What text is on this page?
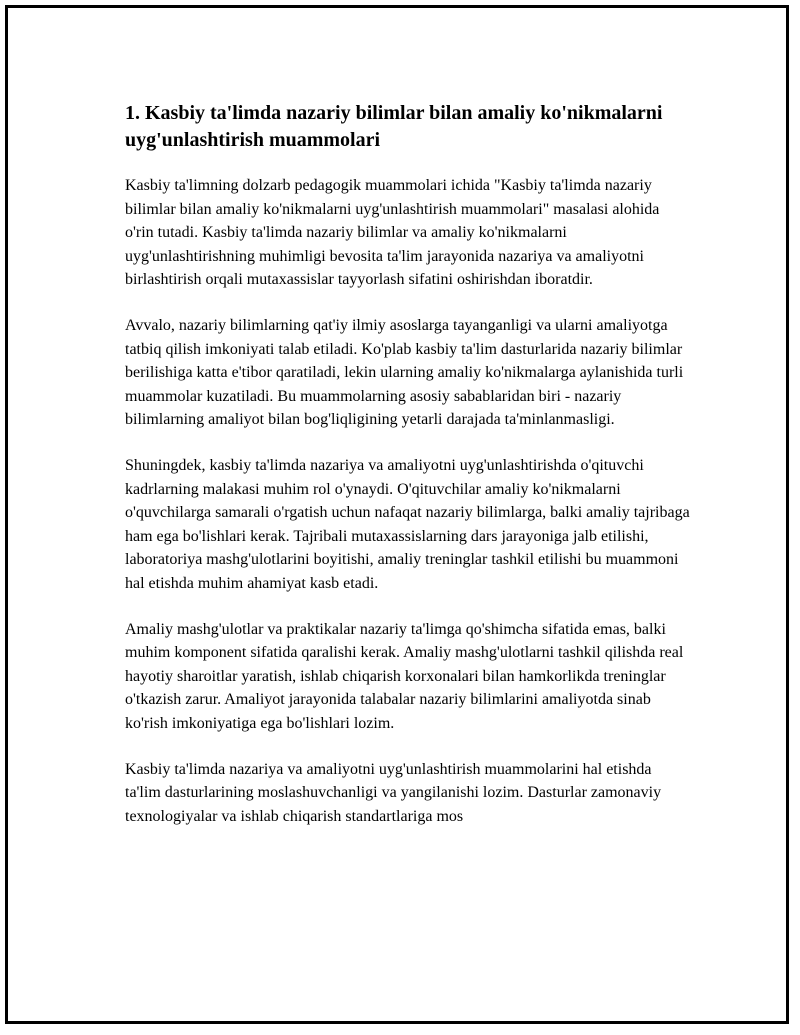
1. Kasbiy ta'limda nazariy bilimlar bilan amaliy ko'nikmalarni uyg'unlashtirish muammolari

Kasbiy ta'limning dolzarb pedagogik muammolari ichida "Kasbiy ta'limda nazariy bilimlar bilan amaliy ko'nikmalarni uyg'unlashtirish muammolari" masalasi alohida o'rin tutadi. Kasbiy ta'limda nazariy bilimlar va amaliy ko'nikmalarni uyg'unlashtirishning muhimligi bevosita ta'lim jarayonida nazariya va amaliyotni birlashtirish orqali mutaxassislar tayyorlash sifatini oshirishdan iboratdir.

Avvalo, nazariy bilimlarning qat'iy ilmiy asoslarga tayanganligi va ularni amaliyotga tatbiq qilish imkoniyati talab etiladi. Ko'plab kasbiy ta'lim dasturlarida nazariy bilimlar berilishiga katta e'tibor qaratiladi, lekin ularning amaliy ko'nikmalarga aylanishida turli muammolar kuzatiladi. Bu muammolarning asosiy sabablaridan biri - nazariy bilimlarning amaliyot bilan bog'liqligining yetarli darajada ta'minlanmasligi.

Shuningdek, kasbiy ta'limda nazariya va amaliyotni uyg'unlashtirishda o'qituvchi kadrlarning malakasi muhim rol o'ynaydi. O'qituvchilar amaliy ko'nikmalarni o'quvchilarga samarali o'rgatish uchun nafaqat nazariy bilimlarga, balki amaliy tajribaga ham ega bo'lishlari kerak. Tajribali mutaxassislarning dars jarayoniga jalb etilishi, laboratoriya mashg'ulotlarini boyitishi, amaliy treninglar tashkil etilishi bu muammoni hal etishda muhim ahamiyat kasb etadi.

Amaliy mashg'ulotlar va praktikalar nazariy ta'limga qo'shimcha sifatida emas, balki muhim komponent sifatida qaralishi kerak. Amaliy mashg'ulotlarni tashkil qilishda real hayotiy sharoitlar yaratish, ishlab chiqarish korxonalari bilan hamkorlikda treninglar o'tkazish zarur. Amaliyot jarayonida talabalar nazariy bilimlarini amaliyotda sinab ko'rish imkoniyatiga ega bo'lishlari lozim.

Kasbiy ta'limda nazariya va amaliyotni uyg'unlashtirish muammolarini hal etishda ta'lim dasturlarining moslashuvchanligi va yangilanishi lozim. Dasturlar zamonaviy texnologiyalar va ishlab chiqarish standartlariga mos
